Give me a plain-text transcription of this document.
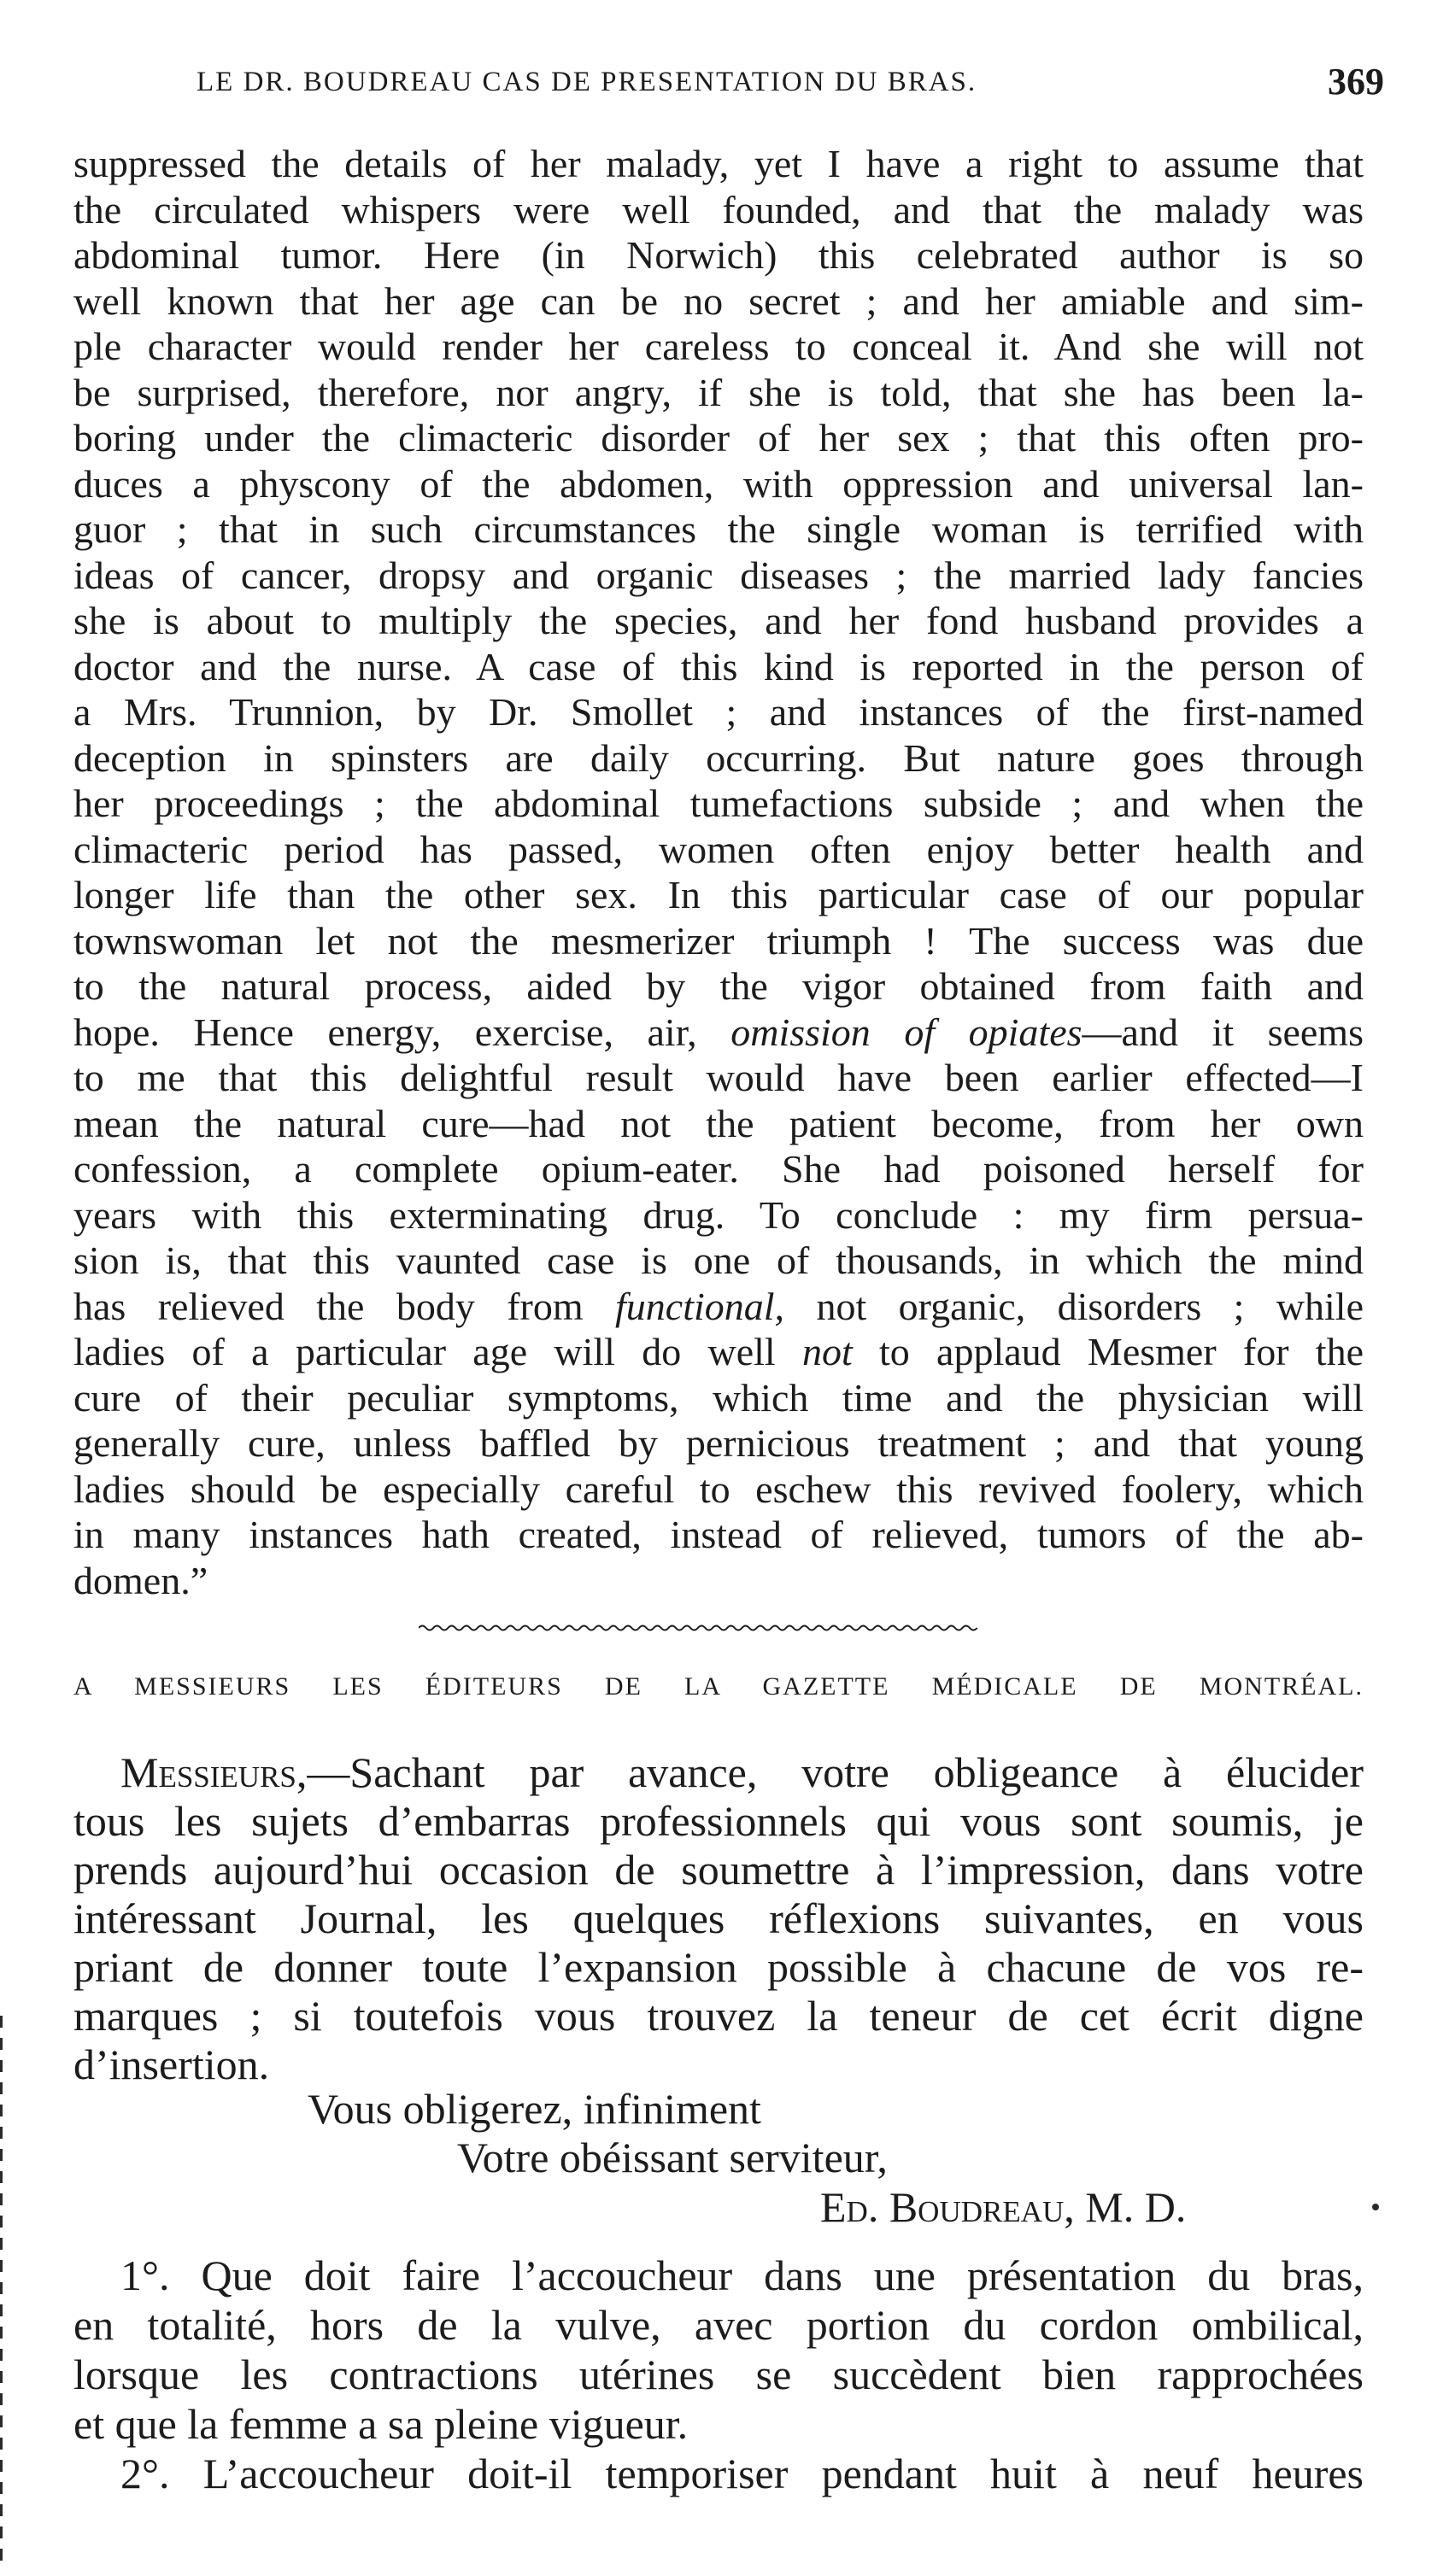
LE DR. BOUDREAU CAS DE PRESENTATION DU BRAS.	369
suppressed the details of her malady, yet I have a right to assume that
the circulated whispers were well founded, and that the malady was
abdominal tumor. Here (in Norwich) this celebrated author is so
well known that her age can be no secret ; and her amiable and sim-
ple character would render her careless to conceal it. And she will not
be surprised, therefore, nor angry, if she is told, that she has been la-
boring under the climacteric disorder of her sex ; that this often pro-
duces a physcony of the abdomen, with oppression and universal lan-
guor ; that in such circumstances the single woman is terrified with
ideas of cancer, dropsy and organic diseases ; the married lady fancies
she is about to multiply the species, and her fond husband provides a
doctor and the nurse. A case of this kind is reported in the person of
a Mrs. Trunnion, by Dr. Smollet ; and instances of the first-named
deception in spinsters are daily occurring. But nature goes through
her proceedings ; the abdominal tumefactions subside ; and when the
climacteric period has passed, women often enjoy better health and
longer life than the other sex. In this particular case of our popular
townswoman let not the mesmerizer triumph ! The success was due
to the natural process, aided by the vigor obtained from faith and
hope. Hence energy, exercise, air, omission of opiates—and it seems
to me that this delightful result would have been earlier effected—I
mean the natural cure—had not the patient become, from her own
confession, a complete opium-eater. She had poisoned herself for
years with this exterminating drug. To conclude : my firm persua-
sion is, that this vaunted case is one of thousands, in which the mind
has relieved the body from functional, not organic, disorders ; while
ladies of a particular age will do well not to applaud Mesmer for the
cure of their peculiar symptoms, which time and the physician will
generally cure, unless baffled by pernicious treatment ; and that young
ladies should be especially careful to eschew this revived foolery, which
in many instances hath created, instead of relieved, tumors of the ab-
domen.”
A MESSIEURS LES ÉDITEURS DE LA GAZETTE MÉDICALE DE MONTRÉAL.
Messieurs,—Sachant par avance, votre obligeance à élucider
tous les sujets d’embarras professionnels qui vous sont soumis, je
prends aujourd’hui occasion de soumettre à l’impression, dans votre
intéressant Journal, les quelques réflexions suivantes, en vous
priant de donner toute l’expansion possible à chacune de vos re-
marques ; si toutefois vous trouvez la teneur de cet écrit digne
d’insertion.
Vous obligerez, infiniment
Votre obéissant serviteur,
Ed. Boudreau, M. D.
1°. Que doit faire l’accoucheur dans une présentation du bras,
en totalité, hors de la vulve, avec portion du cordon ombilical,
lorsque les contractions utérines se succèdent bien rapprochées
et que la femme a sa pleine vigueur.
2°. L’accoucheur doit-il temporiser pendant huit à neuf heures
